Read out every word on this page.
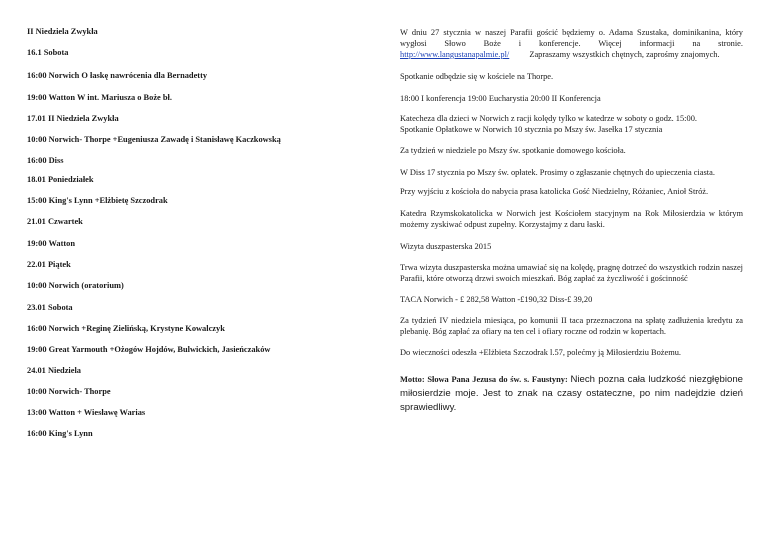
II Niedziela Zwykła
16.1 Sobota
16:00 Norwich O łaskę nawrócenia dla Bernadetty
19:00 Watton W int. Mariusza o Boże bł.
17.01 II Niedziela Zwykła
10:00 Norwich- Thorpe +Eugeniusza Zawadę i Stanisławę Kaczkowską
16:00 Diss
18.01 Poniedziałek
15:00 King's Lynn +Elżbietę Szczodrak
21.01 Czwartek
19:00 Watton
22.01 Piątek
10:00 Norwich (oratorium)
23.01 Sobota
16:00 Norwich +Reginę Zielińską, Krystyne Kowalczyk
19:00 Great Yarmouth +Ożogów Hojdów, Bulwickich, Jasieńczaków
24.01 Niedziela
10:00 Norwich- Thorpe
13:00 Watton + Wiesławę Warias
16:00 King's Lynn
W dniu 27 stycznia w naszej Parafii gościć będziemy o. Adama Szustaka, dominikanina, który
wygłosi Słowo Boże i konferencje. Więcej informacji na stronie.
http://www.langustanapalmie.pl/ Zapraszamy wszystkich chętnych, zaprośmy znajomych.
Spotkanie odbędzie się w kościele na Thorpe.
18:00 I konferencja 19:00 Eucharystia 20:00 II Konferencja
Katecheza dla dzieci w Norwich z racji kolędy tylko w katedrze w soboty o godz. 15:00.
Spotkanie Opłatkowe w Norwich 10 stycznia po Mszy św. Jasełka 17 stycznia
Za tydzień w niedziele po Mszy św. spotkanie domowego kościoła.
W Diss 17 stycznia po Mszy św. opłatek. Prosimy o zgłaszanie chętnych do upieczenia ciasta.
Przy wyjściu z kościoła do nabycia prasa katolicka Gość Niedzielny, Różaniec, Anioł Stróż.
Katedra Rzymskokatolicka w Norwich jest Kościołem stacyjnym na Rok Miłosierdzia w którym możemy zyskiwać odpust zupełny. Korzystajmy z daru łaski.
Wizyta duszpasterska 2015
Trwa wizyta duszpasterska można umawiać się na kolędę, pragnę dotrzeć do wszystkich rodzin naszej Parafii, które otworzą drzwi swoich mieszkań. Bóg zapłać za życzliwość i gościnność
TACA Norwich - £ 282,58 Watton -£190,32 Diss-£ 39,20
Za tydzień IV niedziela miesiąca, po komunii II taca przeznaczona na spłatę zadłużenia kredytu za plebanię. Bóg zapłać za ofiary na ten cel i ofiary roczne od rodzin w kopertach.
Do wieczności odeszła +Elżbieta Szczodrak l.57, polećmy ją Miłosierdziu Bożemu.
Motto: Słowa Pana Jezusa do św. s. Faustyny: Niech pozna cała ludzkość niezgłębione miłosierdzie moje. Jest to znak na czasy ostateczne, po nim nadejdzie dzień sprawiedliwy.
